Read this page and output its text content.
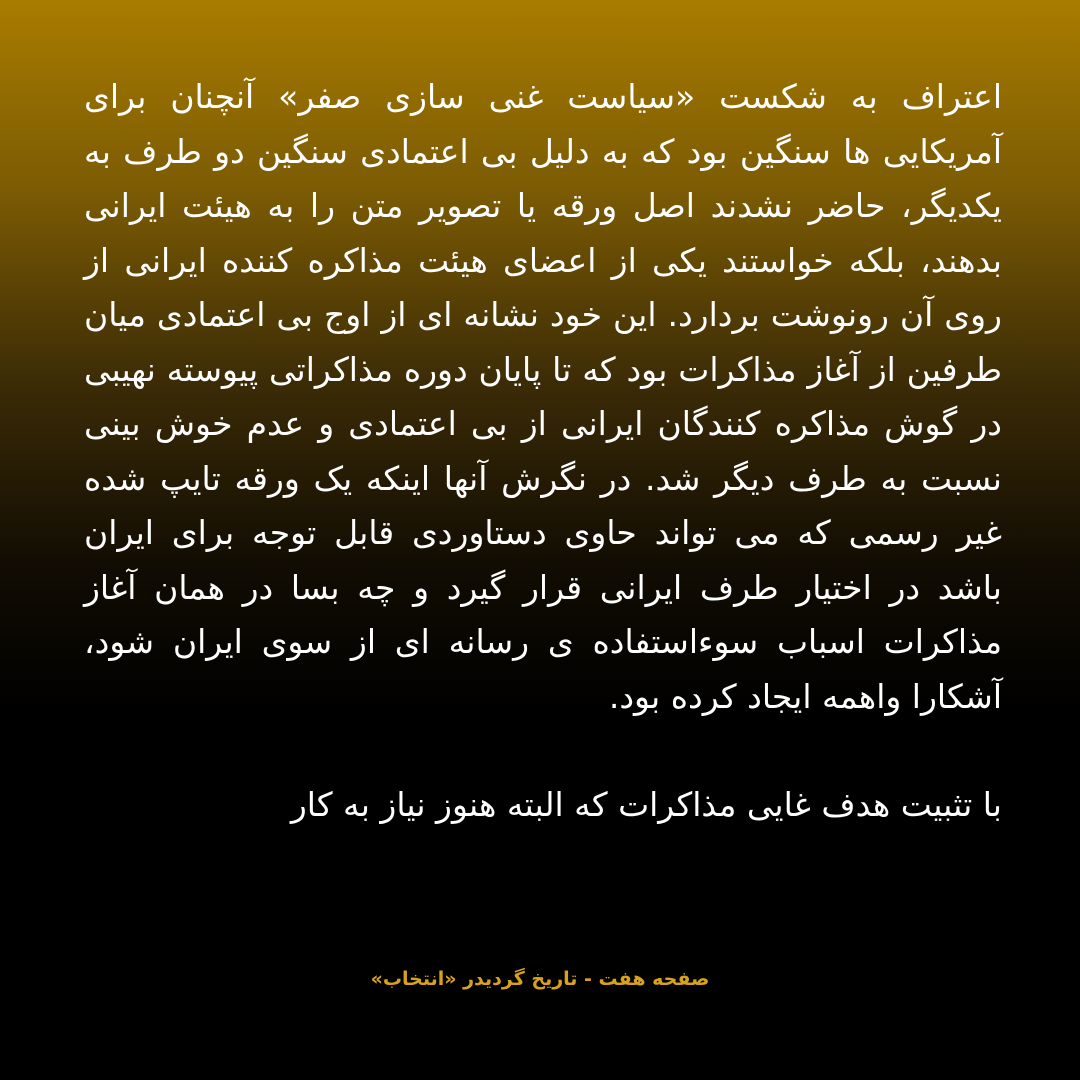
اعتراف به شکست «سیاست غنی سازی صفر» آنچنان برای آمریکایی ها سنگین بود که به دلیل بی اعتمادی سنگین دو طرف به یکدیگر، حاضر نشدند اصل ورقه یا تصویر متن را به هیئت ایرانی بدهند، بلکه خواستند یکی از اعضای هیئت مذاکره کننده ایرانی از روی آن رونوشت بردارد. این خود نشانه ای از اوج بی اعتمادی میان طرفین از آغاز مذاکرات بود که تا پایان دوره مذاکراتی پیوسته نهیبی در گوش مذاکره کنندگان ایرانی از بی اعتمادی و عدم خوش بینی نسبت به طرف دیگر شد. در نگرش آنها اینکه یک ورقه تایپ شده غیر رسمی که می تواند حاوی دستاوردی قابل توجه برای ایران باشد در اختیار طرف ایرانی قرار گیرد و چه بسا در همان آغاز مذاکرات اسباب سوءاستفاده ی رسانه ای از سوی ایران شود، آشکارا واهمه ایجاد کرده بود.

با تثبیت هدف غایی مذاکرات که البته هنوز نیاز به کار

صفحه هفت - تاریخ گردیدر «انتخاب»
